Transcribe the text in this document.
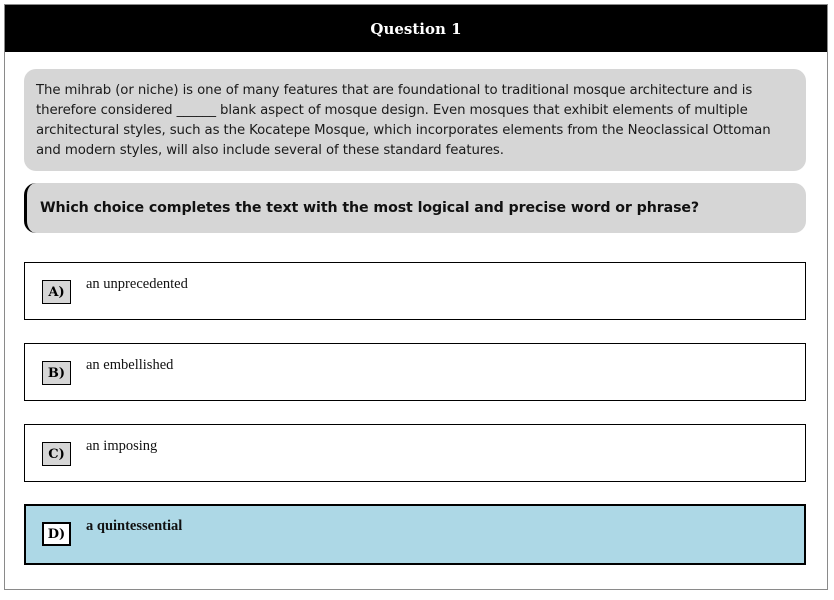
Question 1
The mihrab (or niche) is one of many features that are foundational to traditional mosque architecture and is therefore considered ______ blank aspect of mosque design. Even mosques that exhibit elements of multiple architectural styles, such as the Kocatepe Mosque, which incorporates elements from the Neoclassical Ottoman and modern styles, will also include several of these standard features.
Which choice completes the text with the most logical and precise word or phrase?
A)	an unprecedented
B)	an embellished
C)	an imposing
D)	a quintessential
